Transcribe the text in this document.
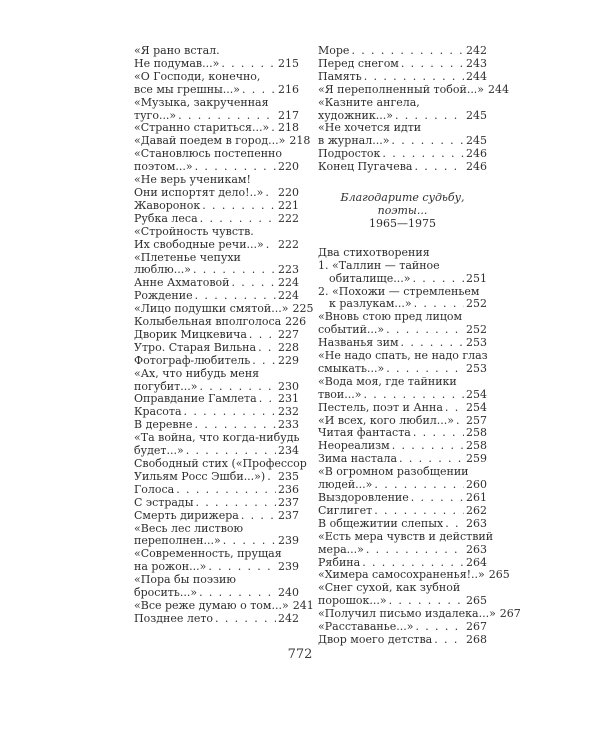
«Я рано встал.
Не подумав...» . . .	215
«О Господи, конечно,
все мы грешны...» . . .	216
«Музыка, закрученная
туго...» . . .	217
«Странно стариться...» . . . 218
«Давай поедем в город...» 218
«Становлюсь постепенно
поэтом...» . . .	220
«Не верь ученикам!
Они испортят дело!..» . . . 220
Жаворонок . . .	221
Рубка леса . . .	222
«Стройность чувств.
Их свободные речи...» . . . 222
«Плетенье чепухи
люблю...» . . .	223
Анне Ахматовой . . .	224
Рождение . . .	224
«Лицо подушки смятой...» 225
Колыбельная вполголоса 226
Дворик Мицкевича . . .	227
Утро. Старая Вильна . . . 228
Фотограф-любитель . . .	229
«Ах, что нибудь меня
погубит...» . . .	230
Оправдание Гамлета . . . 231
Красота . . .	232
В деревне . . .	233
«Та война, что когда-нибудь
будет...» . . .	234
Свободный стих («Профессор
Уильям Росс Эшби...») . . . 235
Голоса . . .	236
С эстрады . . .	237
Смерть дирижера . . .	237
«Весь лес листвою
переполнен...» . . .	239
«Современность, прущая
на рожон...» . . .	239
«Пора бы поэзию
бросить...» . . .	240
«Все реже думаю о том...» 241
Позднее лето . . .	242
Море . . .	242
Перед снегом . . .	243
Память . . .	244
«Я переполненный тобой...» 244
«Казните ангела,
художник...» . . .	245
«Не хочется идти
в журнал...» . . .	245
Подросток . . .	246
Конец Пугачева . . .	246
Благодарите судьбу, поэты...
1965—1975
Два стихотворения
1. «Таллин — тайное
обиталище...» . . .	251
2. «Похожи — стремленьем
к разлукам...» . . .	252
«Вновь стою пред лицом
событий...» . . .	252
Названья зим . . .	253
«Не надо спать, не надо глаз
смыкать...» . . .	253
«Вода моя, где тайники
твои...» . . .	254
Пестель, поэт и Анна . . . 254
«И всех, кого любил...» . . . 257
Читая фантаста . . .	258
Неореализм . . .	258
Зима настала . . .	259
«В огромном разобщении
людей...» . . .	260
Выздоровление . . .	261
Сиглигет . . .	262
В общежитии слепых . . . 263
«Есть мера чувств и действий
мера...» . . .	263
Рябина . . .	264
«Химера самосохраненья!..» 265
«Снег сухой, как зубной
порошок...» . . .	265
«Получил письмо издалека...» 267
«Расставанье...» . . .	267
Двор моего детства . . .	268
772
